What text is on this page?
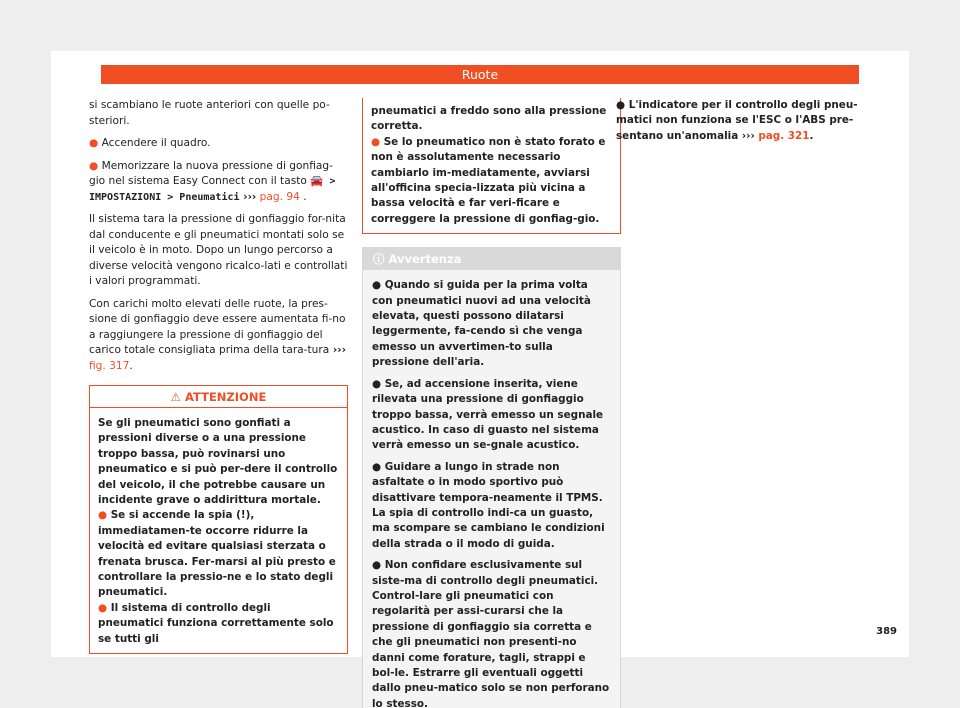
Ruote

si scambiano le ruote anteriori con quelle po-steriori.

● Accendere il quadro.

● Memorizzare la nuova pressione di gonfiag-gio nel sistema Easy Connect con il tasto 🚘 > IMPOSTAZIONI > Pneumatici ››› pag. 94 .

Il sistema tara la pressione di gonfiaggio for-nita dal conducente e gli pneumatici montati solo se il veicolo è in moto. Dopo un lungo percorso a diverse velocità vengono ricalco-lati e controllati i valori programmati.

Con carichi molto elevati delle ruote, la pres-sione di gonfiaggio deve essere aumentata fi-no a raggiungere la pressione di gonfiaggio del carico totale consigliata prima della tara-tura ››› fig. 317.

⚠ ATTENZIONE

Se gli pneumatici sono gonfiati a pressioni diverse o a una pressione troppo bassa, può rovinarsi uno pneumatico e si può per-dere il controllo del veicolo, il che potrebbe causare un incidente grave o addirittura mortale.

● Se si accende la spia (!), immediatamen-te occorre ridurre la velocità ed evitare qualsiasi sterzata o frenata brusca. Fer-marsi al più presto e controllare la pressio-ne e lo stato degli pneumatici.

● Il sistema di controllo degli pneumatici funziona correttamente solo se tutti gli

pneumatici a freddo sono alla pressione corretta.

● Se lo pneumatico non è stato forato e non è assolutamente necessario cambiarlo im-mediatamente, avviarsi all'officina specia-lizzata più vicina a bassa velocità e far veri-ficare e correggere la pressione di gonfiag-gio.

ⓘ Avvertenza

● Quando si guida per la prima volta con pneumatici nuovi ad una velocità elevata, questi possono dilatarsi leggermente, fa-cendo sì che venga emesso un avvertimen-to sulla pressione dell'aria.

● Se, ad accensione inserita, viene rilevata una pressione di gonfiaggio troppo bassa, verrà emesso un segnale acustico. In caso di guasto nel sistema verrà emesso un se-gnale acustico.

● Guidare a lungo in strade non asfaltate o in modo sportivo può disattivare tempora-neamente il TPMS. La spia di controllo indi-ca un guasto, ma scompare se cambiano le condizioni della strada o il modo di guida.

● Non confidare esclusivamente sul siste-ma di controllo degli pneumatici. Control-lare gli pneumatici con regolarità per assi-curarsi che la pressione di gonfiaggio sia corretta e che gli pneumatici non presenti-no danni come forature, tagli, strappi e bol-le. Estrarre gli eventuali oggetti dallo pneu-matico solo se non perforano lo stesso.

● L'indicatore per il controllo degli pneu-matici non funziona se l'ESC o l'ABS pre-sentano un'anomalia ››› pag. 321.

389
